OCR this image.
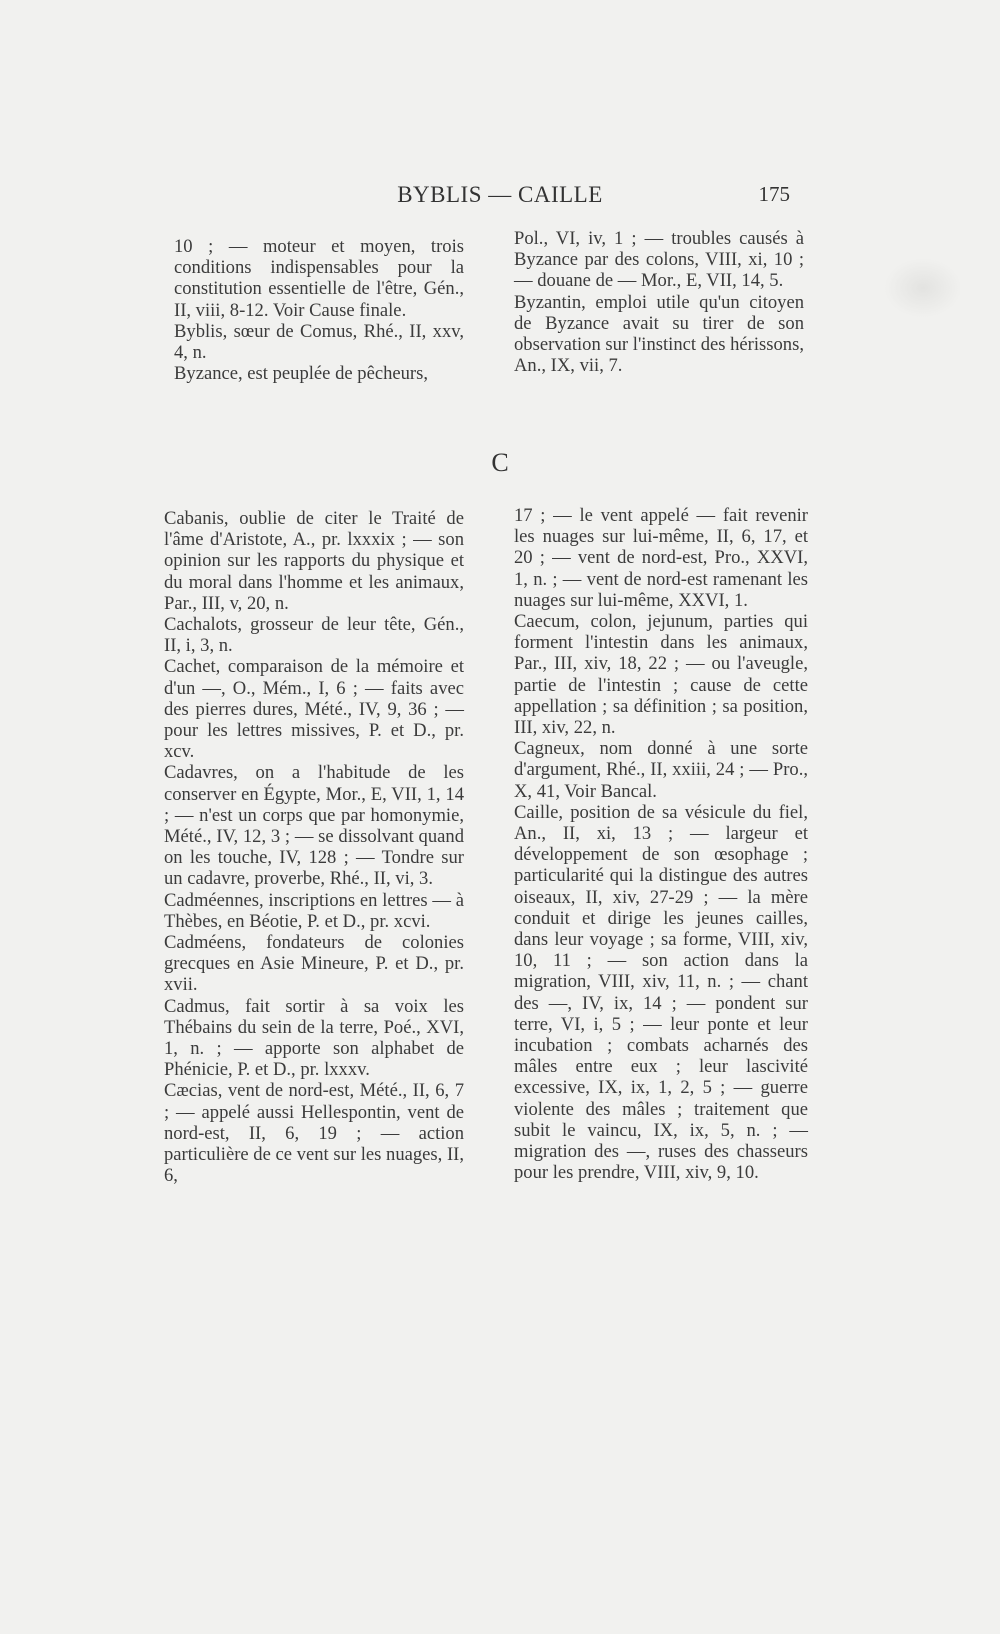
BYBLIS — CAILLE	175

10 ; — moteur et moyen, trois conditions indispensables pour la constitution essentielle de l'être, Gén., II, viii, 8-12. Voir Cause finale.

Byblis, sœur de Comus, Rhé., II, xxv, 4, n.

Byzance, est peuplée de pêcheurs,

Pol., VI, iv, 1 ; — troubles causés à Byzance par des colons, VIII, xi, 10 ; — douane de — Mor., E, VII, 14, 5.

Byzantin, emploi utile qu'un citoyen de Byzance avait su tirer de son observation sur l'instinct des hérissons, An., IX, vii, 7.

C

Cabanis, oublie de citer le Traité de l'âme d'Aristote, A., pr. lxxxix ; — son opinion sur les rapports du physique et du moral dans l'homme et les animaux, Par., III, v, 20, n.

Cachalots, grosseur de leur tête, Gén., II, i, 3, n.

Cachet, comparaison de la mémoire et d'un —, O., Mém., I, 6 ; — faits avec des pierres dures, Mété., IV, 9, 36 ; — pour les lettres missives, P. et D., pr. xcv.

Cadavres, on a l'habitude de les conserver en Égypte, Mor., E, VII, 1, 14 ; — n'est un corps que par homonymie, Mété., IV, 12, 3 ; — se dissolvant quand on les touche, IV, 128 ; — Tondre sur un cadavre, proverbe, Rhé., II, vi, 3.

Cadméennes, inscriptions en lettres — à Thèbes, en Béotie, P. et D., pr. xcvi.

Cadméens, fondateurs de colonies grecques en Asie Mineure, P. et D., pr. xvii.

Cadmus, fait sortir à sa voix les Thébains du sein de la terre, Poé., XVI, 1, n. ; — apporte son alphabet de Phénicie, P. et D., pr. lxxxv.

Cæcias, vent de nord-est, Mété., II, 6, 7 ; — appelé aussi Hellespontin, vent de nord-est, II, 6, 19 ; — action particulière de ce vent sur les nuages, II, 6,

17 ; — le vent appelé — fait revenir les nuages sur lui-même, II, 6, 17, et 20 ; — vent de nord-est, Pro., XXVI, 1, n. ; — vent de nord-est ramenant les nuages sur lui-même, XXVI, 1.

Caecum, colon, jejunum, parties qui forment l'intestin dans les animaux, Par., III, xiv, 18, 22 ; — ou l'aveugle, partie de l'intestin ; cause de cette appellation ; sa définition ; sa position, III, xiv, 22, n.

Cagneux, nom donné à une sorte d'argument, Rhé., II, xxiii, 24 ; — Pro., X, 41, Voir Bancal.

Caille, position de sa vésicule du fiel, An., II, xi, 13 ; — largeur et développement de son œsophage ; particularité qui la distingue des autres oiseaux, II, xiv, 27-29 ; — la mère conduit et dirige les jeunes cailles, dans leur voyage ; sa forme, VIII, xiv, 10, 11 ; — son action dans la migration, VIII, xiv, 11, n. ; — chant des —, IV, ix, 14 ; — pondent sur terre, VI, i, 5 ; — leur ponte et leur incubation ; combats acharnés des mâles entre eux ; leur lascivité excessive, IX, ix, 1, 2, 5 ; — guerre violente des mâles ; traitement que subit le vaincu, IX, ix, 5, n. ; — migration des —, ruses des chasseurs pour les prendre, VIII, xiv, 9, 10.
